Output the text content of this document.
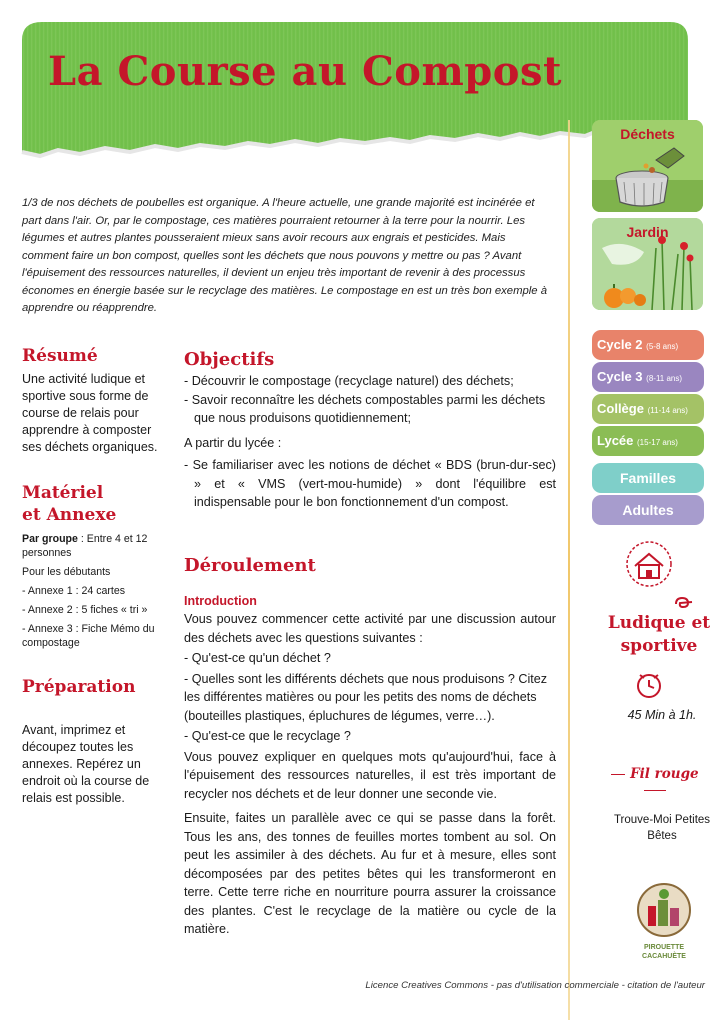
La Course au Compost

1/3 de nos déchets de poubelles est organique. A l'heure actuelle, une grande majorité est incinérée et part dans l'air. Or, par le compostage, ces matières pourraient retourner à la terre pour la nourrir. Les légumes et autres plantes pousseraient mieux sans avoir recours aux engrais et pesticides. Mais comment faire un bon compost, quelles sont les déchets que nous pouvons y mettre ou pas ? Avant l'épuisement des ressources naturelles, il devient un enjeu très important de revenir à des processus économes en énergie basée sur le recyclage des matières. Le compostage en est un très bon exemple à apprendre ou réapprendre.

Résumé

Une activité ludique et sportive sous forme de course de relais pour apprendre à composter ses déchets organiques.

Matériel
et Annexe
Par groupe : Entre 4 et 12 personnes
Pour les débutants
- Annexe 1 : 24 cartes
- Annexe 2 : 5 fiches « tri »
- Annexe 3 : Fiche Mémo du compostage
Préparation

Avant, imprimez et découpez toutes les annexes. Repérez un endroit où la course de relais est possible.

Objectifs
- Découvrir le compostage (recyclage naturel) des déchets;
- Savoir reconnaître les déchets compostables parmi les déchets que nous produisons quotidiennement;
A partir du lycée :
- Se familiariser avec les notions de déchet « BDS (brun-dur-sec) » et « VMS (vert-mou-humide) » dont l'équilibre est indispensable pour le bon fonctionnement d'un compost.
Déroulement
Introduction
Vous pouvez commencer cette activité par une discussion autour des déchets avec les questions suivantes :
- Qu'est-ce qu'un déchet ?
- Quelles sont les différents déchets que nous produisons ? Citez les différentes matières ou pour les petits des noms de déchets (bouteilles plastiques, épluchures de légumes, verre…).
- Qu'est-ce que le recyclage ?
Vous pouvez expliquer en quelques mots qu'aujourd'hui, face à l'épuisement des ressources naturelles, il est très important de recycler nos déchets et de leur donner une seconde vie.
Ensuite, faites un parallèle avec ce qui se passe dans la forêt. Tous les ans, des tonnes de feuilles mortes tombent au sol. On peut les assimiler à des déchets. Au fur et à mesure, elles sont décomposées par des petites bêtes qui les transformeront en terre. Cette terre riche en nourriture pourra assurer la croissance des plantes. C'est le recyclage de la matière ou cycle de la matière.
Déchets
Jardin
Cycle 2 (5-8 ans)
Cycle 3 (8-11 ans)
Collège (11-14 ans)
Lycée (15-17 ans)
Familles
Adultes
Ludique et sportive
45 Min à 1h.
Fil rouge
Trouve-Moi Petites Bêtes
PIROUETTE
CACAHUÈTE
Licence Creatives Commons - pas d'utilisation commerciale - citation de l'auteur
